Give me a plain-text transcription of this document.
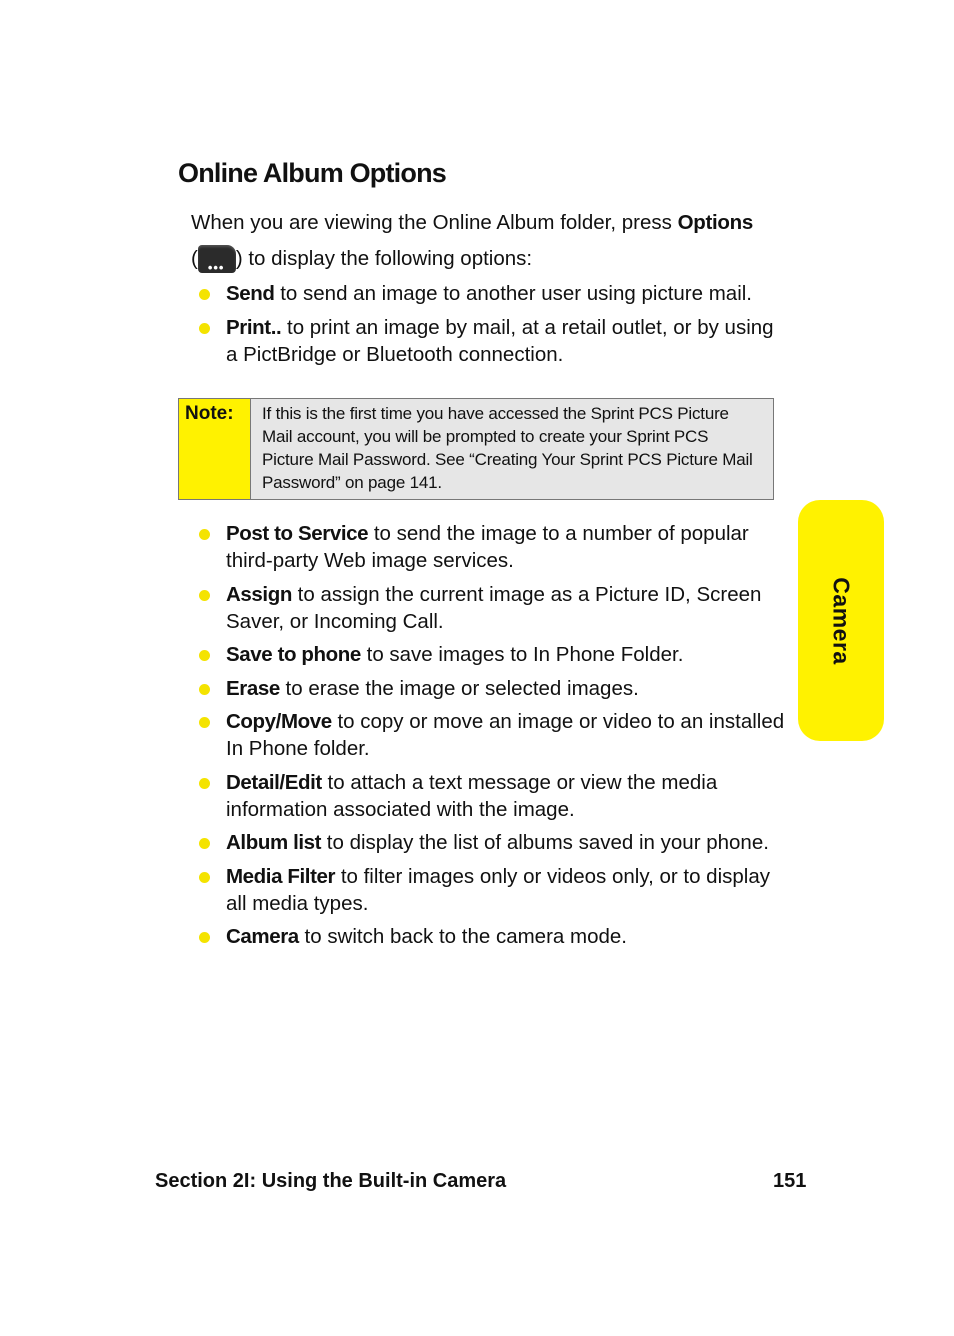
Online Album Options
When you are viewing the Online Album folder, press Options
( ••• ) to display the following options:
Send to send an image to another user using picture mail.
Print.. to print an image by mail, at a retail outlet, or by using a PictBridge or Bluetooth connection.
Note:	If this is the first time you have accessed the Sprint PCS Picture Mail account, you will be prompted to create your Sprint PCS Picture Mail Password. See “Creating Your Sprint PCS Picture Mail Password” on page 141.
Post to Service to send the image to a number of popular third-party Web image services.
Assign to assign the current image as a Picture ID, Screen Saver, or Incoming Call.
Save to phone to save images to In Phone Folder.
Erase to erase the image or selected images.
Copy/Move to copy or move an image or video to an installed In Phone folder.
Detail/Edit to attach a text message or view the media information associated with the image.
Album list to display the list of albums saved in your phone.
Media Filter to filter images only or videos only, or to display all media types.
Camera to switch back to the camera mode.
Camera
Section 2I: Using the Built-in Camera	151
